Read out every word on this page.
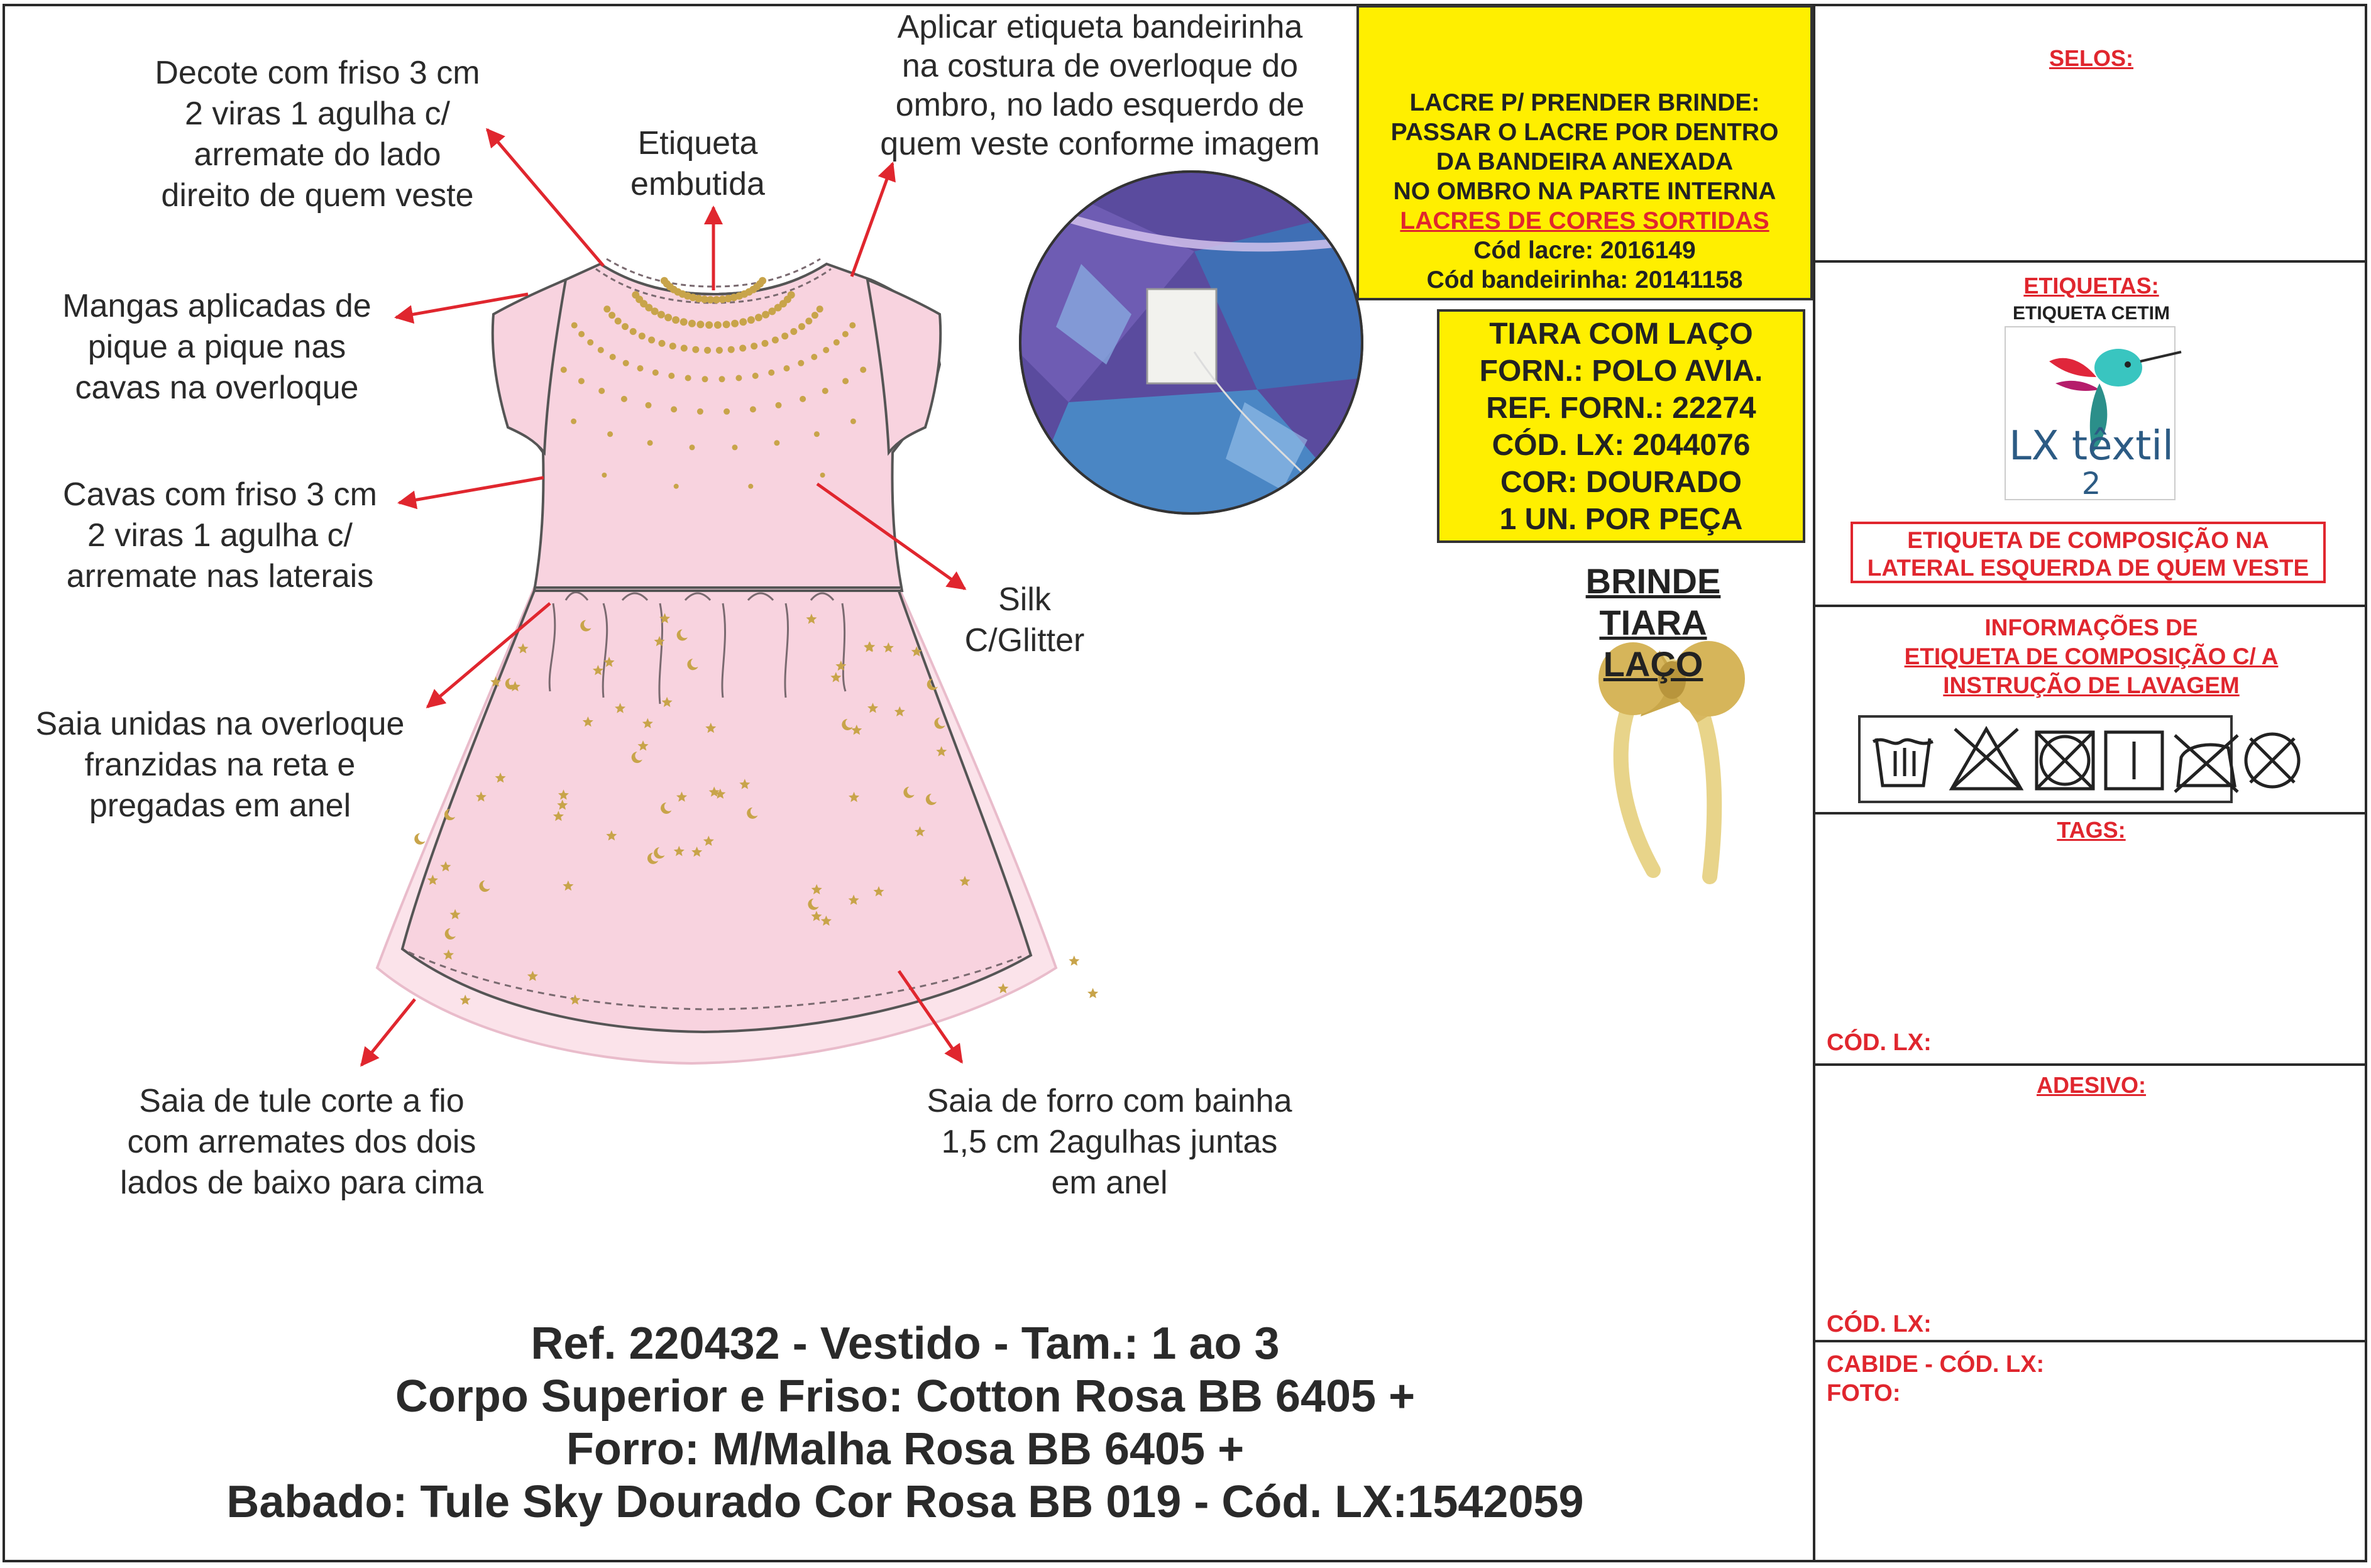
Decote com friso 3 cm
2 viras 1 agulha c/
arremate do lado
direito de quem veste
Etiqueta
embutida
Aplicar etiqueta bandeirinha
na costura de overloque do
ombro, no lado esquerdo de
quem veste conforme imagem
Mangas aplicadas de
pique a pique nas
cavas na overloque
Cavas com friso 3 cm
2 viras 1 agulha c/
arremate nas laterais
Silk
C/Glitter
Saia unidas na overloque
franzidas na reta e
pregadas em anel
Saia de tule corte a fio
com arremates dos dois
lados de baixo para cima
Saia de forro com bainha
1,5 cm 2agulhas juntas
em anel
LACRE P/ PRENDER BRINDE:
PASSAR O LACRE POR DENTRO
DA BANDEIRA ANEXADA
NO OMBRO NA PARTE INTERNA
LACRES DE CORES SORTIDAS
Cód lacre: 2016149
Cód bandeirinha: 20141158
TIARA COM LAÇO
FORN.: POLO AVIA.
REF. FORN.: 22274
CÓD. LX: 2044076
COR: DOURADO
1 UN. POR PEÇA
BRINDE
TIARA LAÇO
SELOS:
ETIQUETAS:
ETIQUETA CETIM
LX têxtil
2
ETIQUETA DE COMPOSIÇÃO NA
LATERAL ESQUERDA DE QUEM VESTE
INFORMAÇÕES DE
ETIQUETA DE COMPOSIÇÃO C/ A
INSTRUÇÃO DE LAVAGEM
TAGS:
CÓD. LX:
ADESIVO:
CÓD. LX:
CABIDE - CÓD. LX:
FOTO:
Ref. 220432 - Vestido - Tam.: 1 ao 3
Corpo Superior e Friso: Cotton Rosa BB 6405 +
Forro: M/Malha Rosa BB 6405 +
Babado: Tule Sky Dourado Cor Rosa BB 019 - Cód. LX:1542059
